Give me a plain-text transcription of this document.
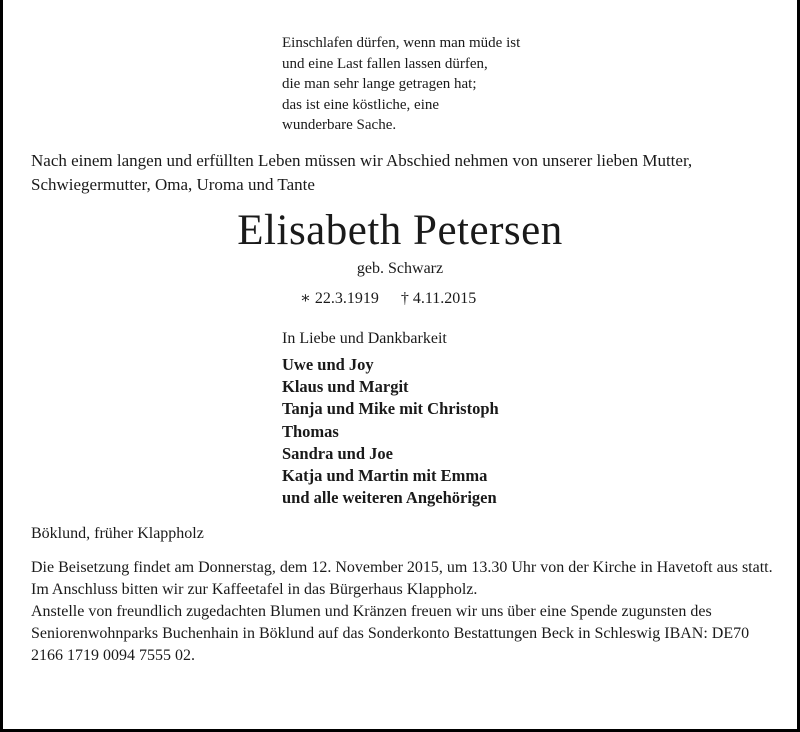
Einschlafen dürfen, wenn man müde ist
und eine Last fallen lassen dürfen,
die man sehr lange getragen hat;
das ist eine köstliche, eine
wunderbare Sache.
Nach einem langen und erfüllten Leben müssen wir Abschied nehmen von unserer lieben Mutter, Schwiegermutter, Oma, Uroma und Tante
Elisabeth Petersen
geb. Schwarz
∗ 22.3.1919 † 4.11.2015
In Liebe und Dankbarkeit
Uwe und Joy
Klaus und Margit
Tanja und Mike mit Christoph
Thomas
Sandra und Joe
Katja und Martin mit Emma
und alle weiteren Angehörigen
Böklund, früher Klappholz

Die Beisetzung findet am Donnerstag, dem 12. November 2015, um 13.30 Uhr von der Kirche in Havetoft aus statt.

Im Anschluss bitten wir zur Kaffeetafel in das Bürgerhaus Klappholz.

Anstelle von freundlich zugedachten Blumen und Kränzen freuen wir uns über eine Spende zugunsten des Seniorenwohnparks Buchenhain in Böklund auf das Sonderkonto Bestattungen Beck in Schleswig IBAN: DE70 2166 1719 0094 7555 02.
